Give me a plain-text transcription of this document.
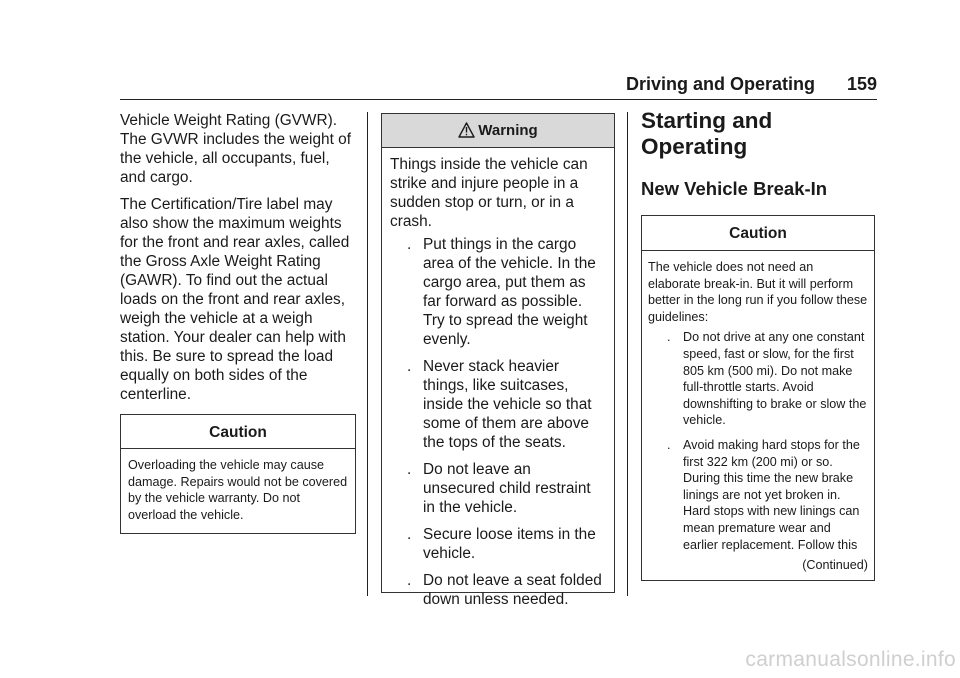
Driving and Operating 159

Vehicle Weight Rating (GVWR). The GVWR includes the weight of the vehicle, all occupants, fuel, and cargo.

The Certification/Tire label may also show the maximum weights for the front and rear axles, called the Gross Axle Weight Rating (GAWR). To find out the actual loads on the front and rear axles, weigh the vehicle at a weigh station. Your dealer can help with this. Be sure to spread the load equally on both sides of the centerline.

Caution
Overloading the vehicle may cause damage. Repairs would not be covered by the vehicle warranty. Do not overload the vehicle.
Warning

Things inside the vehicle can strike and injure people in a sudden stop or turn, or in a crash.

. Put things in the cargo area of the vehicle. In the cargo area, put them as far forward as possible. Try to spread the weight evenly.
. Never stack heavier things, like suitcases, inside the vehicle so that some of them are above the tops of the seats.
. Do not leave an unsecured child restraint in the vehicle.
. Secure loose items in the vehicle.
. Do not leave a seat folded down unless needed.
Starting and Operating
New Vehicle Break-In
Caution
The vehicle does not need an elaborate break-in. But it will perform better in the long run if you follow these guidelines:
. Do not drive at any one constant speed, fast or slow, for the first 805 km (500 mi). Do not make full-throttle starts. Avoid downshifting to brake or slow the vehicle.
. Avoid making hard stops for the first 322 km (200 mi) or so. During this time the new brake linings are not yet broken in. Hard stops with new linings can mean premature wear and earlier replacement. Follow this
(Continued)
carmanualsonline.info
